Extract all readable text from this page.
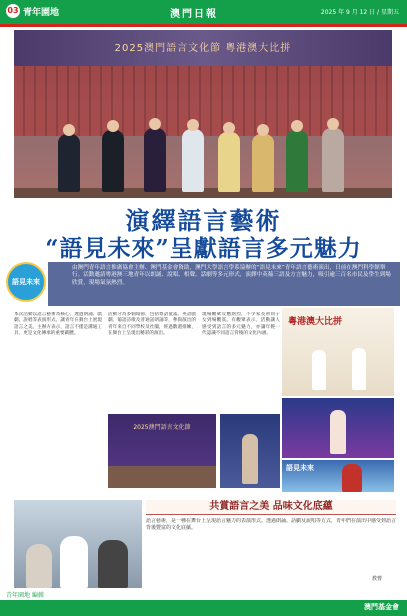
03 青年園地	澳門日報	2025 年 9 月 12 日 / 星期五
2025澳門語言文化節 粵港澳大比拼
演繹語言藝術
“語見未來”呈獻語言多元魅力
語見未來
由澳門青年語言推廣協會主辦、澳門基金會資助，澳門大學語言學系協辦的“語見未來”青年語言藝術演出，日前在澳門科學館舉行。活動邀請粵港澳三地青年以朗誦、說唱、相聲、話劇等多元形式，演繹中英葡三語及方言魅力，吸引逾三百名市民及學生到場欣賞，現場氣氛熱烈。
本次活動以語言藝術為核心，透過朗誦、戲劇、說唱等表演形式，讓青年在舞台上展現語言之美。主辦方表示，語言不僅是溝通工具，更是文化傳承的重要載體。
活動分為多個環節，包括粵語童謠、英語戲劇、葡語詩歌及普通話朗誦等，參與演出的青年來自不同學校及社團，經過數週排練，在舞台上呈現出精彩的演出。
現場觀眾反應熱烈，不少家長帶同子女到場觀賞。有觀眾表示，活動讓人感受到語言的多元魅力，亦讓年輕一代認識不同語言背後的文化內涵。
粵港澳大比拼
2025澳門語言文化節
語見未來
共賞語言之美 品味文化底蘊
語言藝術，是一種在舞台上呈現語言魅力的表演形式。透過朗誦、話劇及說唱等方式，青年們在演出中感受到語言背後豐富的文化底蘊。
教曹
青年園地 編輯
澳門基金會
